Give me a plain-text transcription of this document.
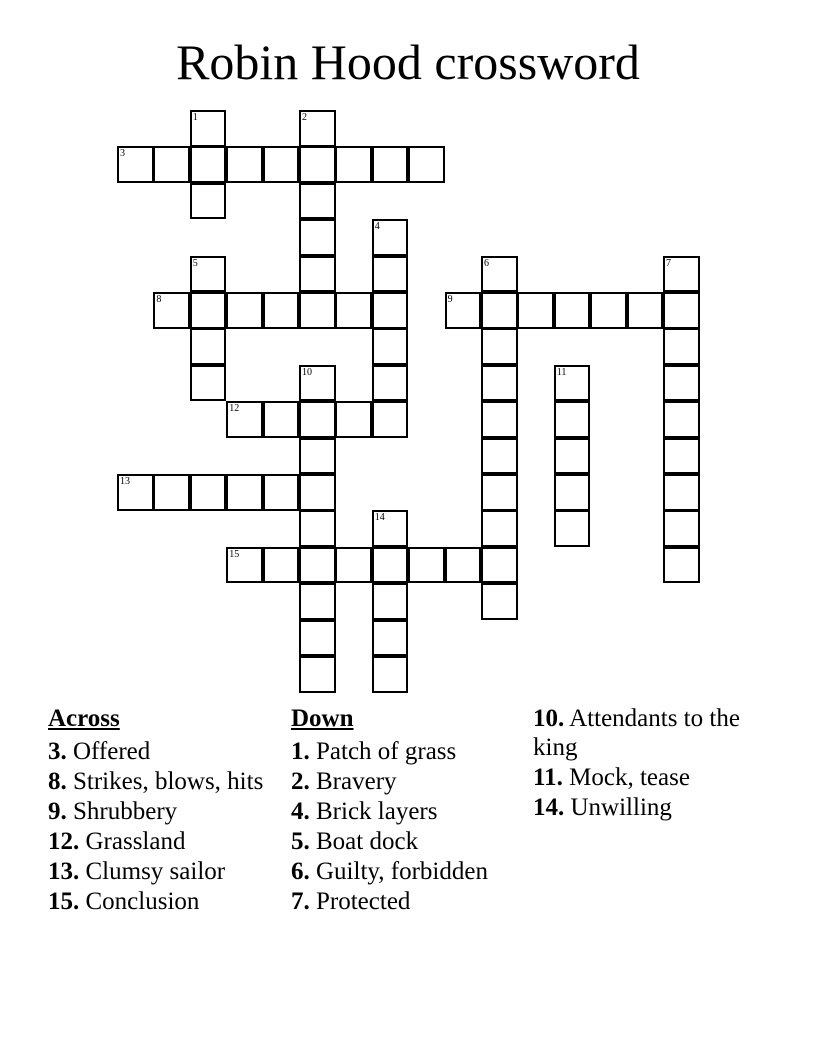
Robin Hood crossword
1	2
3
4
5	6	7
8	9
10	11
12
13
14
15
Across
3. Offered
8. Strikes, blows, hits
9. Shrubbery
12. Grassland
13. Clumsy sailor
15. Conclusion
Down
1. Patch of grass
2. Bravery
4. Brick layers
5. Boat dock
6. Guilty, forbidden
7. Protected
10. Attendants to the king
11. Mock, tease
14. Unwilling
